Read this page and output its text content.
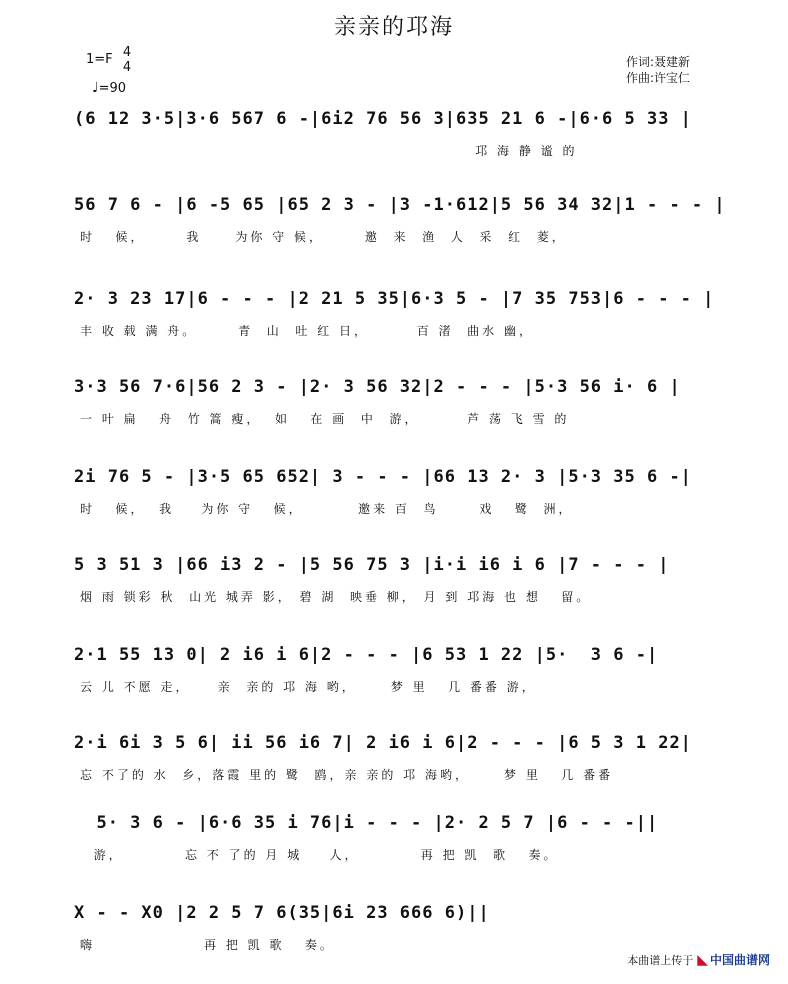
亲亲的邛海
1=F 4
4
♩=90
作词:聂建新
作曲:许宝仁
(6 12 3·5|3·6 567 6 -|6i2 76 56 3|635 21 6 -|6·6 5 33 |
邛 海 静 谧 的
56 7 6 - |6 -5 65 |65 2 3 - |3 -1·612|5 56 34 32|1 - - - |
时   候，      我     为你 守 候，      邀  来  渔  人  采  红  菱，
2· 3 23 17|6 - - - |2 21 5 35|6·3 5 - |7 35 753|6 - - - |
丰 收 载 满 舟。      青  山  吐 红 日，       百 渚  曲水 幽，
3·3 56 7·6|56 2 3 - |2· 3 56 32|2 - - - |5·3 56 i· 6 |
一 叶 扁   舟  竹 篙 瘦，  如   在 画  中  游，       芦 荡 飞 雪 的
2i 76 5 - |3·5 65 652| 3 - - - |66 13 2· 3 |5·3 35 6 -|
时   候，  我    为你 守   候，        邀来 百  鸟      戏   鹭  洲，
5 3 51 3 |66 i3 2 - |5 56 75 3 |i·i i6 i 6 |7 - - - |
烟 雨 锁彩 秋  山光 城弄 影， 碧 湖  映垂 柳， 月 到 邛海 也 想   留。
2·1 55 13 0| 2 i6 i 6|2 - - - |6 53 1 22 |5·  3 6 -|
云 儿 不愿 走，    亲  亲的 邛 海 哟，     梦 里   几 番番 游，
2·i 6i 3 5 6| ii 56 i6 7| 2 i6 i 6|2 - - - |6 5 3 1 22|
忘 不了的 水  乡，落霞 里的 鹭  鸥，亲 亲的 邛 海哟，     梦 里   几 番番
5· 3 6 - |6·6 35 i 76|i - - - |2· 2 5 7 |6 - - -||
游，         忘 不 了的 月 城    人，         再 把 凯  歌   奏。
X - - X0 |2 2 5 7 6(35|6i 23 666 6)||
嗨                再 把 凯 歌   奏。
本曲谱上传于 ◣ 中国曲谱网
